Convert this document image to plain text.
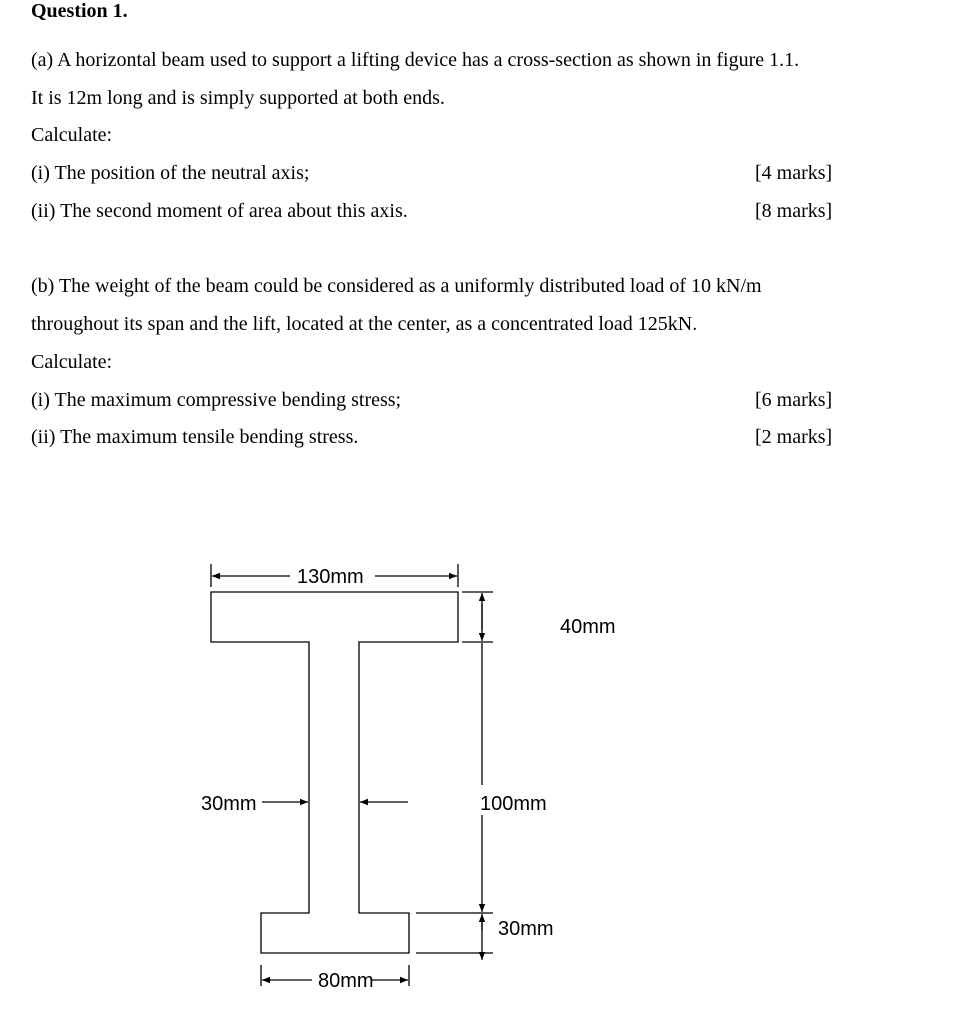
Question 1.
(a) A horizontal beam used to support a lifting device has a cross-section as shown in figure 1.1.
It is 12m long and is simply supported at both ends.
Calculate:
(i) The position of the neutral axis;	[4 marks]
(ii) The second moment of area about this axis.	[8 marks]
(b) The weight of the beam could be considered as a uniformly distributed load of 10 kN/m
throughout its span and the lift, located at the center, as a concentrated load 125kN.
Calculate:
(i) The maximum compressive bending stress;	[6 marks]
(ii) The maximum tensile bending stress.	[2 marks]
130mm
40mm
100mm
30mm
30mm
80mm
